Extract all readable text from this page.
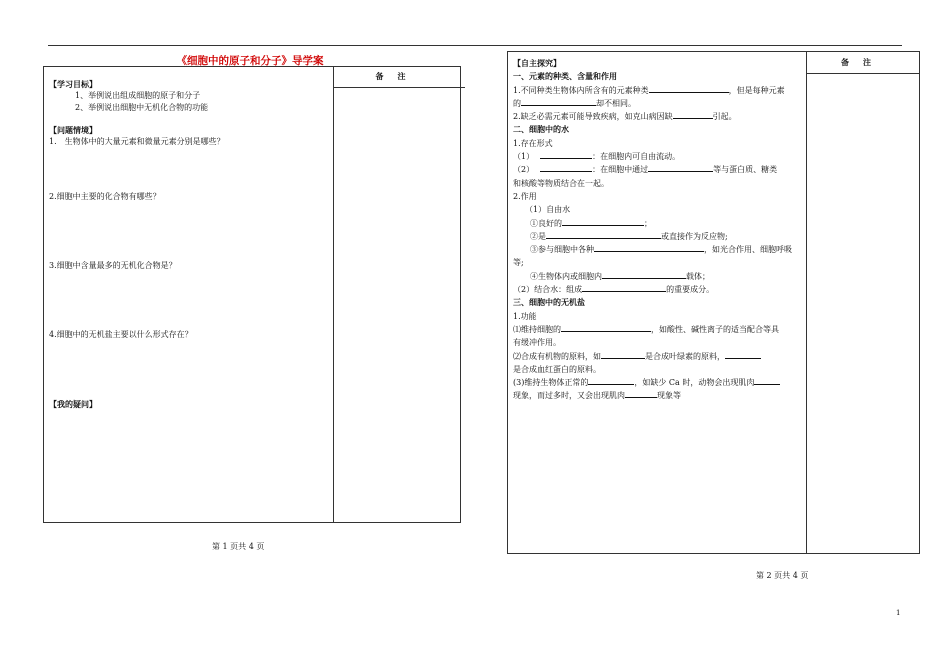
《细胞中的原子和分子》导学案
备注
【学习目标】
1、举例说出组成细胞的原子和分子
2、举例说出细胞中无机化合物的功能
【问题情境】
1.　生物体中的大量元素和微量元素分别是哪些？
2.细胞中主要的化合物有哪些？
3.细胞中含量最多的无机化合物是？
4.细胞中的无机盐主要以什么形式存在？
【我的疑问】
第 1 页共 4 页
备注
【自主探究】
一、元素的种类、含量和作用
1.不同种类生物体内所含有的元素种类	，但是每种元素
的	却不相同。
2.缺乏必需元素可能导致疾病，如克山病因缺	引起。
二、细胞中的水
1.存在形式
（1）	：在细胞内可自由流动。
（2）	：在细胞中通过	等与蛋白质、糖类
和核酸等物质结合在一起。
2.作用
（1）自由水
①良好的	；
②是	或直接作为反应物;
③参与细胞中各种	，如光合作用、细胞呼吸
等;
④生物体内或细胞内	载体；
（2）结合水：组成	的重要成分。
三、细胞中的无机盐
1.功能
⑴维持细胞的	，如酸性、碱性离子的适当配合等具
有缓冲作用。
⑵合成有机物的原料，如	是合成叶绿素的原料，
是合成血红蛋白的原料。
(3)维持生物体正常的	，如缺少 Ca 时，动物会出现肌肉
现象，而过多时，又会出现肌肉	现象等
第 2 页共 4 页
1
